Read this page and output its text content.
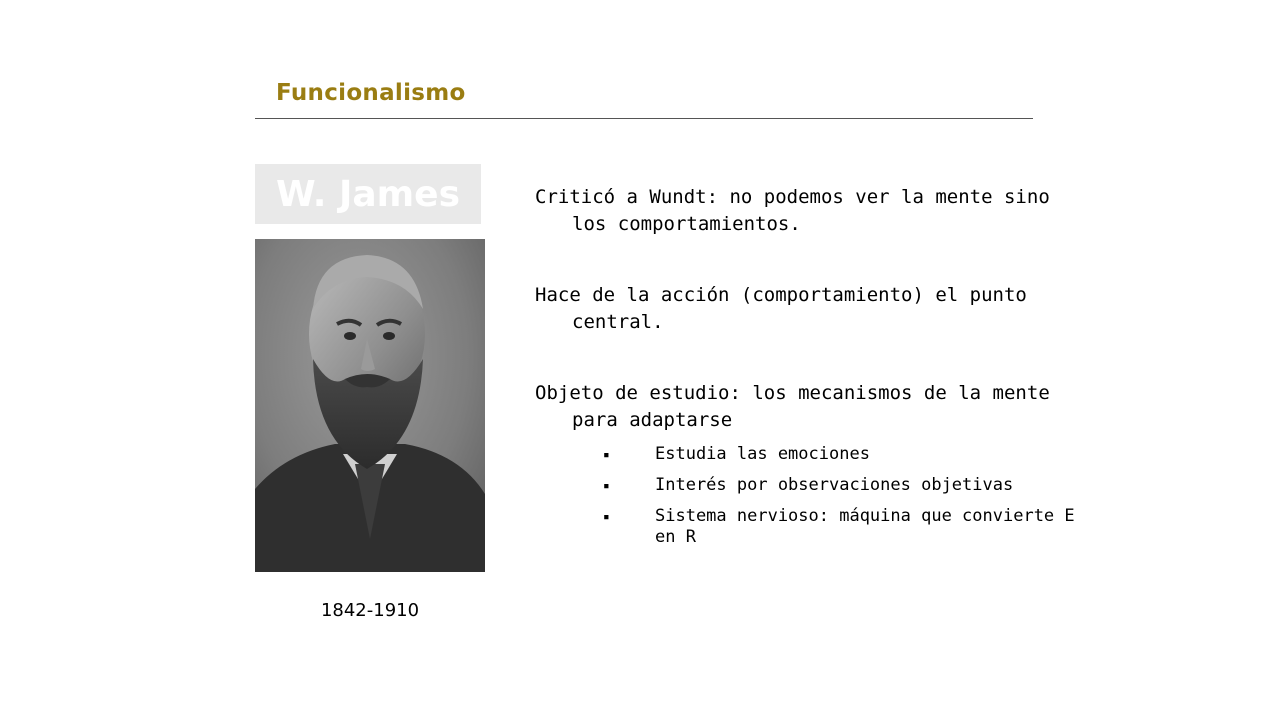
Funcionalismo
W. James
1842-1910
Criticó a Wundt: no podemos ver la mente sino los comportamientos.
Hace de la acción (comportamiento) el punto central.
Objeto de estudio: los mecanismos de la mente para adaptarse
▪	Estudia las emociones
▪	Interés por observaciones objetivas
▪	Sistema nervioso: máquina que convierte E en R
